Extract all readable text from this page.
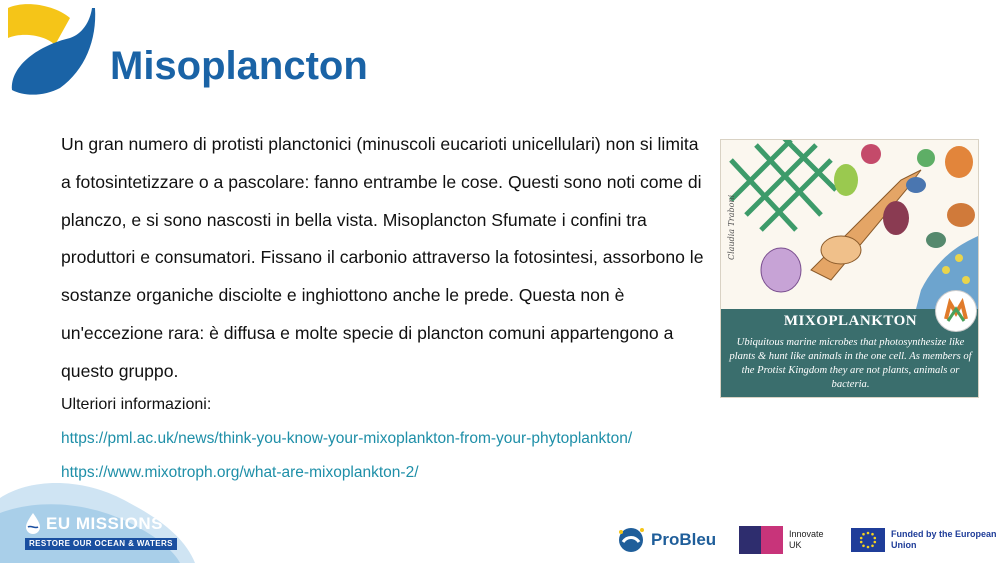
Misoplancton

Un gran numero di protisti planctonici (minuscoli eucarioti unicellulari) non si limita a fotosintetizzare o a pascolare: fanno entrambe le cose. Questi sono noti come di planczo, e si sono nascosti in bella vista. Misoplancton Sfumate i confini tra produttori e consumatori. Fissano il carbonio attraverso la fotosintesi, assorbono le sostanze organiche disciolte e inghiottono anche le prede. Questa non è un'eccezione rara: è diffusa e molte specie di plancton comuni appartengono a questo gruppo.

Ulteriori informazioni:
https://pml.ac.uk/news/think-you-know-your-mixoplankton-from-your-phytoplankton/
https://www.mixotroph.org/what-are-mixoplankton-2/
Claudia Traboni
MIXOPLANKTON
Ubiquitous marine microbes that photosynthesize like plants & hunt like animals in the one cell. As members of the Protist Kingdom they are not plants, animals or bacteria.
EU MISSIONS
RESTORE OUR OCEAN & WATERS	ProBleu	Innovate UK
Funded by the European Union
